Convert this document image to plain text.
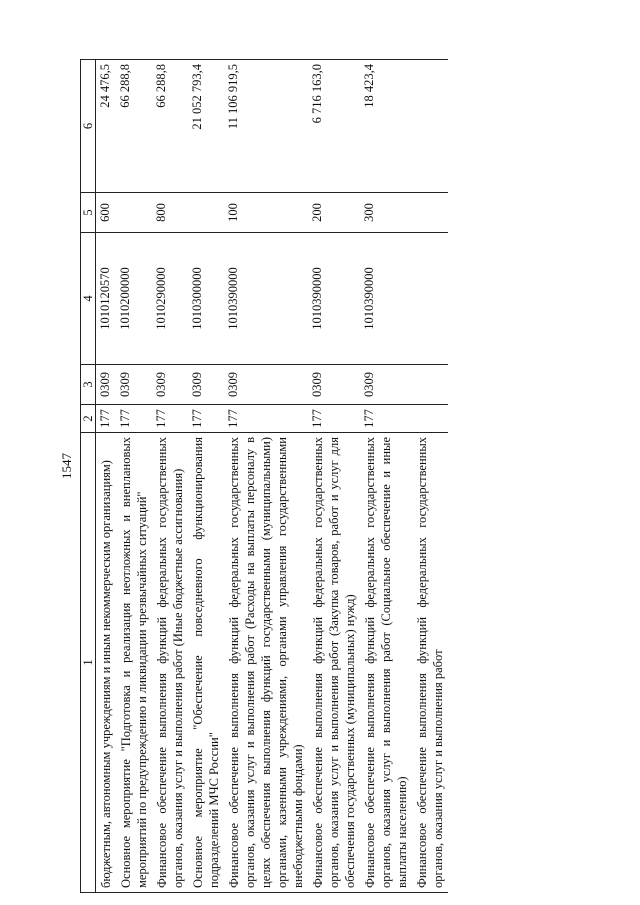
1547
1	2	3	4	5	6
бюджетным, автономным учреждениям и иным некоммерческим организациям)	177	0309	1010120570	600	24 476,5
Основное мероприятие "Подготовка и реализация неотложных и внеплановых мероприятий по предупреждению и ликвидации чрезвычайных ситуаций"	177	0309	1010200000		66 288,8
Финансовое обеспечение выполнения функций федеральных государственных органов, оказания услуг и выполнения работ (Иные бюджетные ассигнования)	177	0309	1010290000	800	66 288,8
Основное мероприятие "Обеспечение повседневного функционирования подразделений МЧС России"	177	0309	1010300000		21 052 793,4
Финансовое обеспечение выполнения функций федеральных государственных органов, оказания услуг и выполнения работ (Расходы на выплаты персоналу в целях обеспечения выполнения функций государственными (муниципальными) органами, казенными учреждениями, органами управления государственными внебюджетными фондами)	177	0309	1010390000	100	11 106 919,5
Финансовое обеспечение выполнения функций федеральных государственных органов, оказания услуг и выполнения работ (Закупка товаров, работ и услуг для обеспечения государственных (муниципальных) нужд)	177	0309	1010390000	200	6 716 163,0
Финансовое обеспечение выполнения функций федеральных государственных органов, оказания услуг и выполнения работ (Социальное обеспечение и иные выплаты населению)	177	0309	1010390000	300	18 423,4
Финансовое обеспечение выполнения функций федеральных государственных органов, оказания услуг и выполнения работ					
